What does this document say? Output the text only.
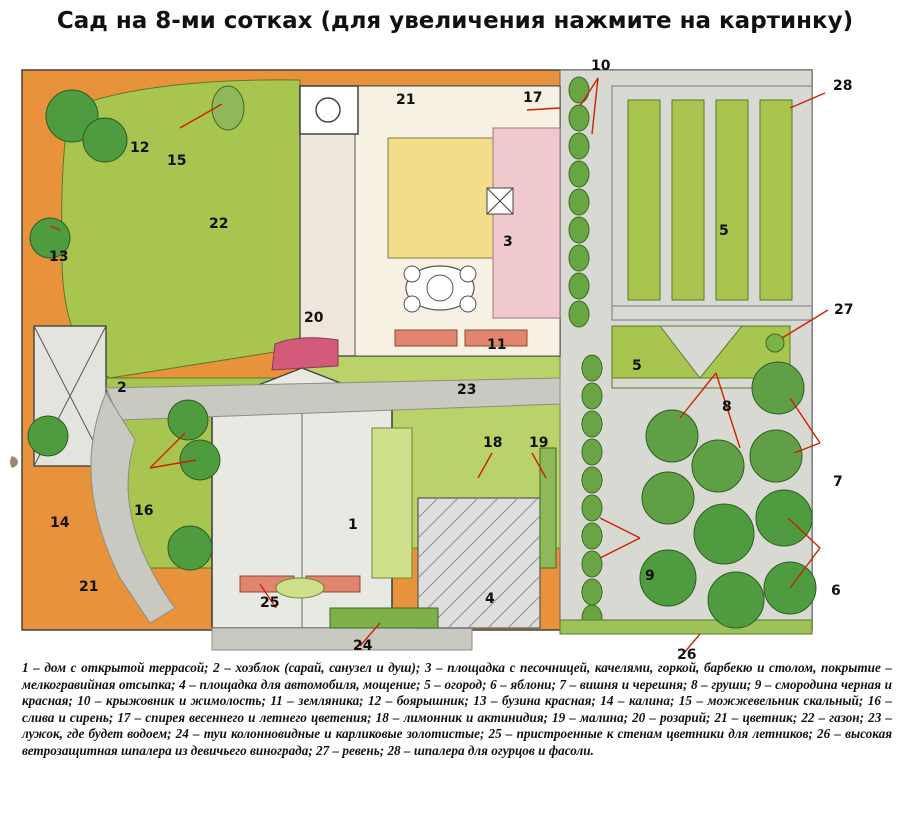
Сад на 8-ми сотках (для увеличения нажмите на картинку)
1
2
3
4
5
5
6
7
8
9
10
11
12
13
14
15
16
17
18 19
20
21
21
22
23
24
25
26
27
28
1 – дом с открытой террасой; 2 – хозблок (сарай, санузел и душ); 3 – площадка с песочницей, качелями, горкой, барбекю и столом, покрытие – мелкогравийная отсыпка; 4 – площадка для автомобиля, мощение; 5 – огород; 6 – яблони; 7 – вишня и черешня; 8 – груши; 9 – смородина черная и красная; 10 – крыжовник и жимолость; 11 – земляника; 12 – боярышник; 13 – бузина красная; 14 – калина; 15 – можжевельник скальный; 16 – слива и сирень; 17 – спирея весеннего и летнего цветения; 18 – лимонник и актинидия; 19 – малина; 20 – розарий; 21 – цветник; 22 – газон; 23 – лужок, где будет водоем; 24 – туи колонновидные и карликовые золотистые; 25 – пристроенные к стенам цветники для летников; 26 – высокая ветрозащитная шпалера из девичьего винограда; 27 – ревень; 28 – шпалера для огурцов и фасоли.
